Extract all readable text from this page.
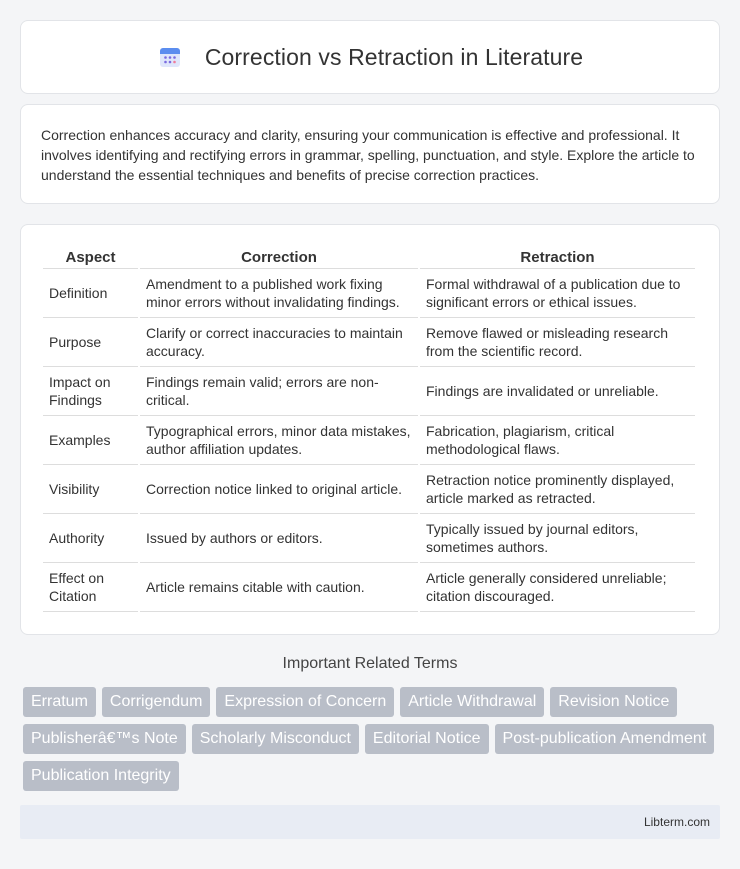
Correction vs Retraction in Literature

Correction enhances accuracy and clarity, ensuring your communication is effective and professional. It involves identifying and rectifying errors in grammar, spelling, punctuation, and style. Explore the article to understand the essential techniques and benefits of precise correction practices.

Aspect	Correction	Retraction
Definition	Amendment to a published work fixing minor errors without invalidating findings.	Formal withdrawal of a publication due to significant errors or ethical issues.
Purpose	Clarify or correct inaccuracies to maintain accuracy.	Remove flawed or misleading research from the scientific record.
Impact on Findings	Findings remain valid; errors are non-critical.	Findings are invalidated or unreliable.
Examples	Typographical errors, minor data mistakes, author affiliation updates.	Fabrication, plagiarism, critical methodological flaws.
Visibility	Correction notice linked to original article.	Retraction notice prominently displayed, article marked as retracted.
Authority	Issued by authors or editors.	Typically issued by journal editors, sometimes authors.
Effect on Citation	Article remains citable with caution.	Article generally considered unreliable; citation discouraged.
Important Related Terms
Erratum	Corrigendum	Expression of Concern	Article Withdrawal	Revision Notice
Publisherâ€™s Note	Scholarly Misconduct	Editorial Notice	Post-publication Amendment
Publication Integrity
Libterm.com
